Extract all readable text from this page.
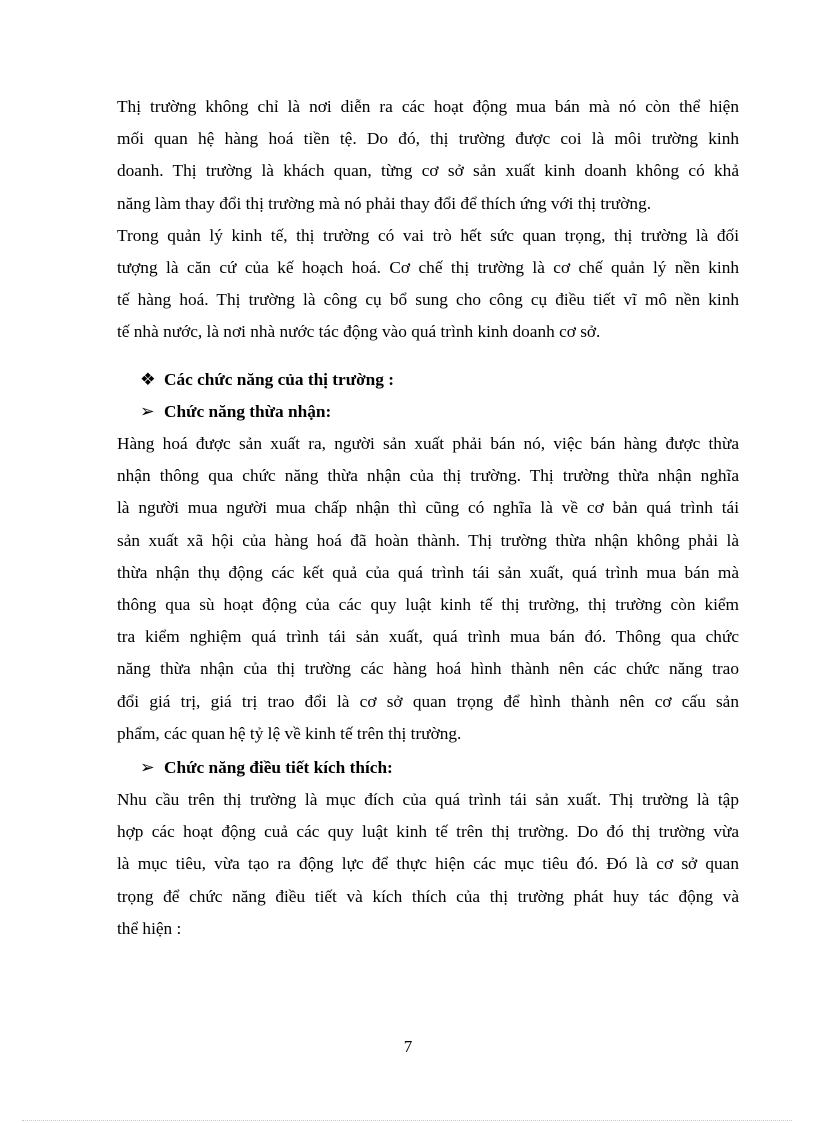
Thị trường không chỉ là nơi diễn ra các hoạt động mua bán mà nó còn thể hiện
mối quan hệ hàng hoá tiền tệ. Do đó, thị trường được coi là môi trường kinh
doanh. Thị trường là khách quan, từng cơ sở sản xuất kinh doanh không có khả
năng làm thay đổi thị trường mà nó phải thay đổi để thích ứng với thị trường.
Trong quản lý kinh tế, thị trường có vai trò hết sức quan trọng, thị trường là đối
tượng là căn cứ của kế hoạch hoá. Cơ chế thị trường là cơ chế quản lý nền kinh
tế hàng hoá. Thị trường là công cụ bổ sung cho công cụ điều tiết vĩ mô nền kinh
tế nhà nước, là nơi nhà nước tác động vào quá trình kinh doanh cơ sở.
❖ Các chức năng của thị trường :
➢ Chức năng thừa nhận:
Hàng hoá được sản xuất ra, người sản xuất phải bán nó, việc bán hàng được thừa
nhận thông qua chức năng thừa nhận của thị trường. Thị trường thừa nhận nghĩa
là người mua người mua chấp nhận thì cũng có nghĩa là về cơ bản quá trình tái
sản xuất xã hội của hàng hoá đã hoàn thành. Thị trường thừa nhận không phải là
thừa nhận thụ động các kết quả của quá trình tái sản xuất, quá trình mua bán mà
thông qua sù hoạt động của các quy luật kinh tế thị trường, thị trường còn kiểm
tra kiểm nghiệm quá trình tái sản xuất, quá trình mua bán đó. Thông qua chức
năng thừa nhận của thị trường các hàng hoá hình thành nên các chức năng trao
đổi giá trị, giá trị trao đổi là cơ sở quan trọng để hình thành nên cơ cấu sản
phẩm, các quan hệ tỷ lệ về kinh tế trên thị trường.
➢ Chức năng điều tiết kích thích:
Nhu cầu trên thị trường là mục đích của quá trình tái sản xuất. Thị trường là tập
hợp các hoạt động cuả các quy luật kinh tế trên thị trường. Do đó thị trường vừa
là mục tiêu, vừa tạo ra động lực để thực hiện các mục tiêu đó. Đó là cơ sở quan
trọng để chức năng điều tiết và kích thích của thị trường phát huy tác động và
thể hiện :
7
